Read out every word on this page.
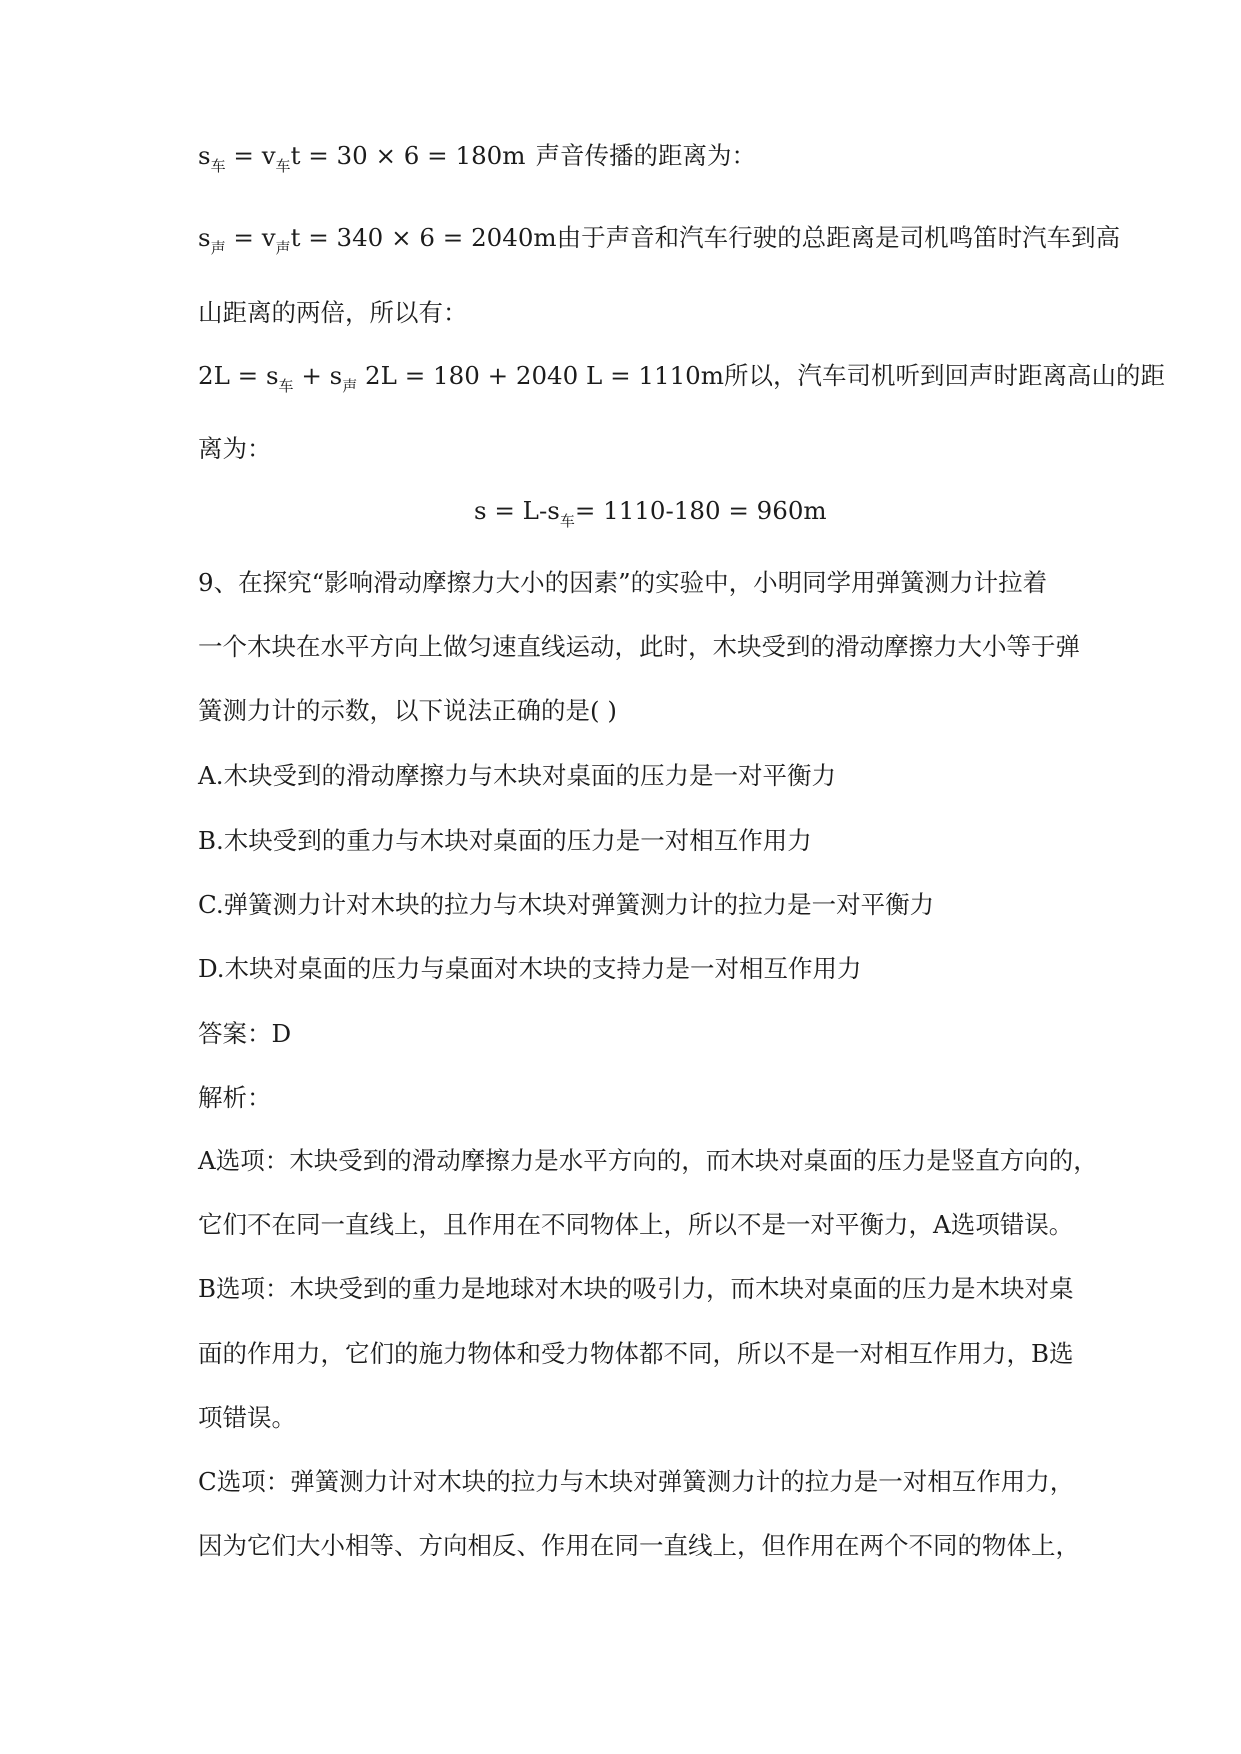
$s_车 = v_车t = 30 \times 6 = 180m$ 声音传播的距离为：
$s_声 = v_声t = 340 \times 6 = 2040m$由于声音和汽车行驶的总距离是司机鸣笛时汽车到高
山距离的两倍，所以有：
$2L = s_车 + s_声$ 2L = 180 + 2040 L = 1110m所以，汽车司机听到回声时距离高山的距
离为：
$s = L-s_车= 1110-180 = 960m$
9、在探究“影响滑动摩擦力大小的因素”的实验中，小明同学用弹簧测力计拉着
一个木块在水平方向上做匀速直线运动，此时，木块受到的滑动摩擦力大小等于弹
簧测力计的示数，以下说法正确的是( )
A.木块受到的滑动摩擦力与木块对桌面的压力是一对平衡力
B.木块受到的重力与木块对桌面的压力是一对相互作用力
C.弹簧测力计对木块的拉力与木块对弹簧测力计的拉力是一对平衡力
D.木块对桌面的压力与桌面对木块的支持力是一对相互作用力
答案：D
解析：
A选项：木块受到的滑动摩擦力是水平方向的，而木块对桌面的压力是竖直方向的，
它们不在同一直线上，且作用在不同物体上，所以不是一对平衡力，A选项错误。
B选项：木块受到的重力是地球对木块的吸引力，而木块对桌面的压力是木块对桌
面的作用力，它们的施力物体和受力物体都不同，所以不是一对相互作用力，B选
项错误。
C选项：弹簧测力计对木块的拉力与木块对弹簧测力计的拉力是一对相互作用力，
因为它们大小相等、方向相反、作用在同一直线上，但作用在两个不同的物体上，
